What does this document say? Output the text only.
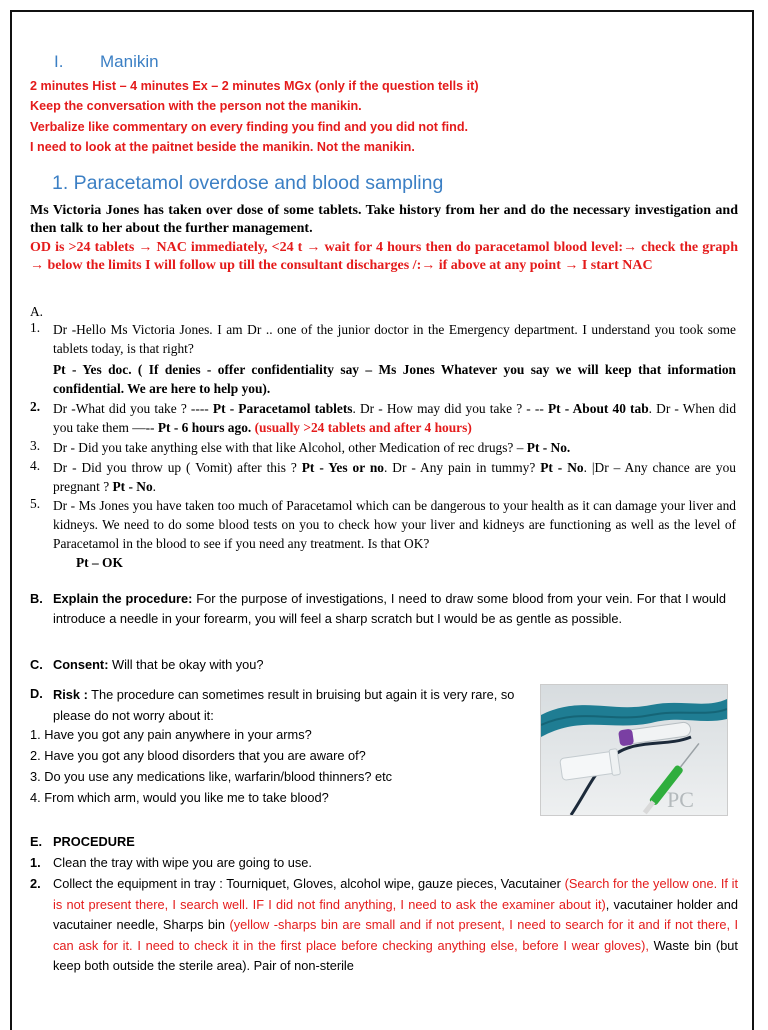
I. Manikin
2 minutes Hist – 4 minutes Ex – 2 minutes MGx (only if the question tells it)
Keep the conversation with the person not the manikin.
Verbalize like commentary on every finding you find and you did not find.
I need to look at the paitnet beside the manikin. Not the manikin.
1. Paracetamol overdose and blood sampling
Ms Victoria Jones has taken over dose of some tablets. Take history from her and do the necessary investigation and then talk to her about the further management.
OD is >24 tablets → NAC immediately, <24 t → wait for 4 hours then do paracetamol blood level:→ check the graph → below the limits I will follow up till the consultant discharges /:→ if above at any point → I start NAC
A.
1. Dr -Hello Ms Victoria Jones. I am Dr .. one of the junior doctor in the Emergency department. I understand you took some tablets today, is that right?
Pt - Yes doc. ( If denies - offer confidentiality say – Ms Jones Whatever you say we will keep that information confidential. We are here to help you).
2. Dr -What did you take ? ---- Pt - Paracetamol tablets. Dr - How may did you take ? - -- Pt - About 40 tab. Dr - When did you take them —-- Pt - 6 hours ago. (usually >24 tablets and after 4 hours)
3. Dr - Did you take anything else with that like Alcohol, other Medication of rec drugs? – Pt - No.
4. Dr - Did you throw up ( Vomit) after this ? Pt - Yes or no. Dr - Any pain in tummy? Pt - No. |Dr – Any chance are you pregnant ? Pt - No.
5. Dr - Ms Jones you have taken too much of Paracetamol which can be dangerous to your health as it can damage your liver and kidneys. We need to do some blood tests on you to check how your liver and kidneys are functioning as well as the level of Paracetamol in the blood to see if you need any treatment. Is that OK?
Pt – OK
B. Explain the procedure: For the purpose of investigations, I need to draw some blood from your vein. For that I would introduce a needle in your forearm, you will feel a sharp scratch but I would be as gentle as possible.
C. Consent: Will that be okay with you?
D. Risk : The procedure can sometimes result in bruising but again it is very rare, so please do not worry about it:
1. Have you got any pain anywhere in your arms?
2. Have you got any blood disorders that you are aware of?
3. Do you use any medications like, warfarin/blood thinners? etc
4. From which arm, would you like me to take blood?	PC
E. PROCEDURE
1. Clean the tray with wipe you are going to use.
2. Collect the equipment in tray : Tourniquet, Gloves, alcohol wipe, gauze pieces, Vacutainer (Search for the yellow one. If it is not present there, I search well. IF I did not find anything, I need to ask the examiner about it), vacutainer holder and vacutainer needle, Sharps bin (yellow -sharps bin are small and if not present, I need to search for it and if not there, I can ask for it. I need to check it in the first place before checking anything else, before I wear gloves), Waste bin (but keep both outside the sterile area). Pair of non-sterile
